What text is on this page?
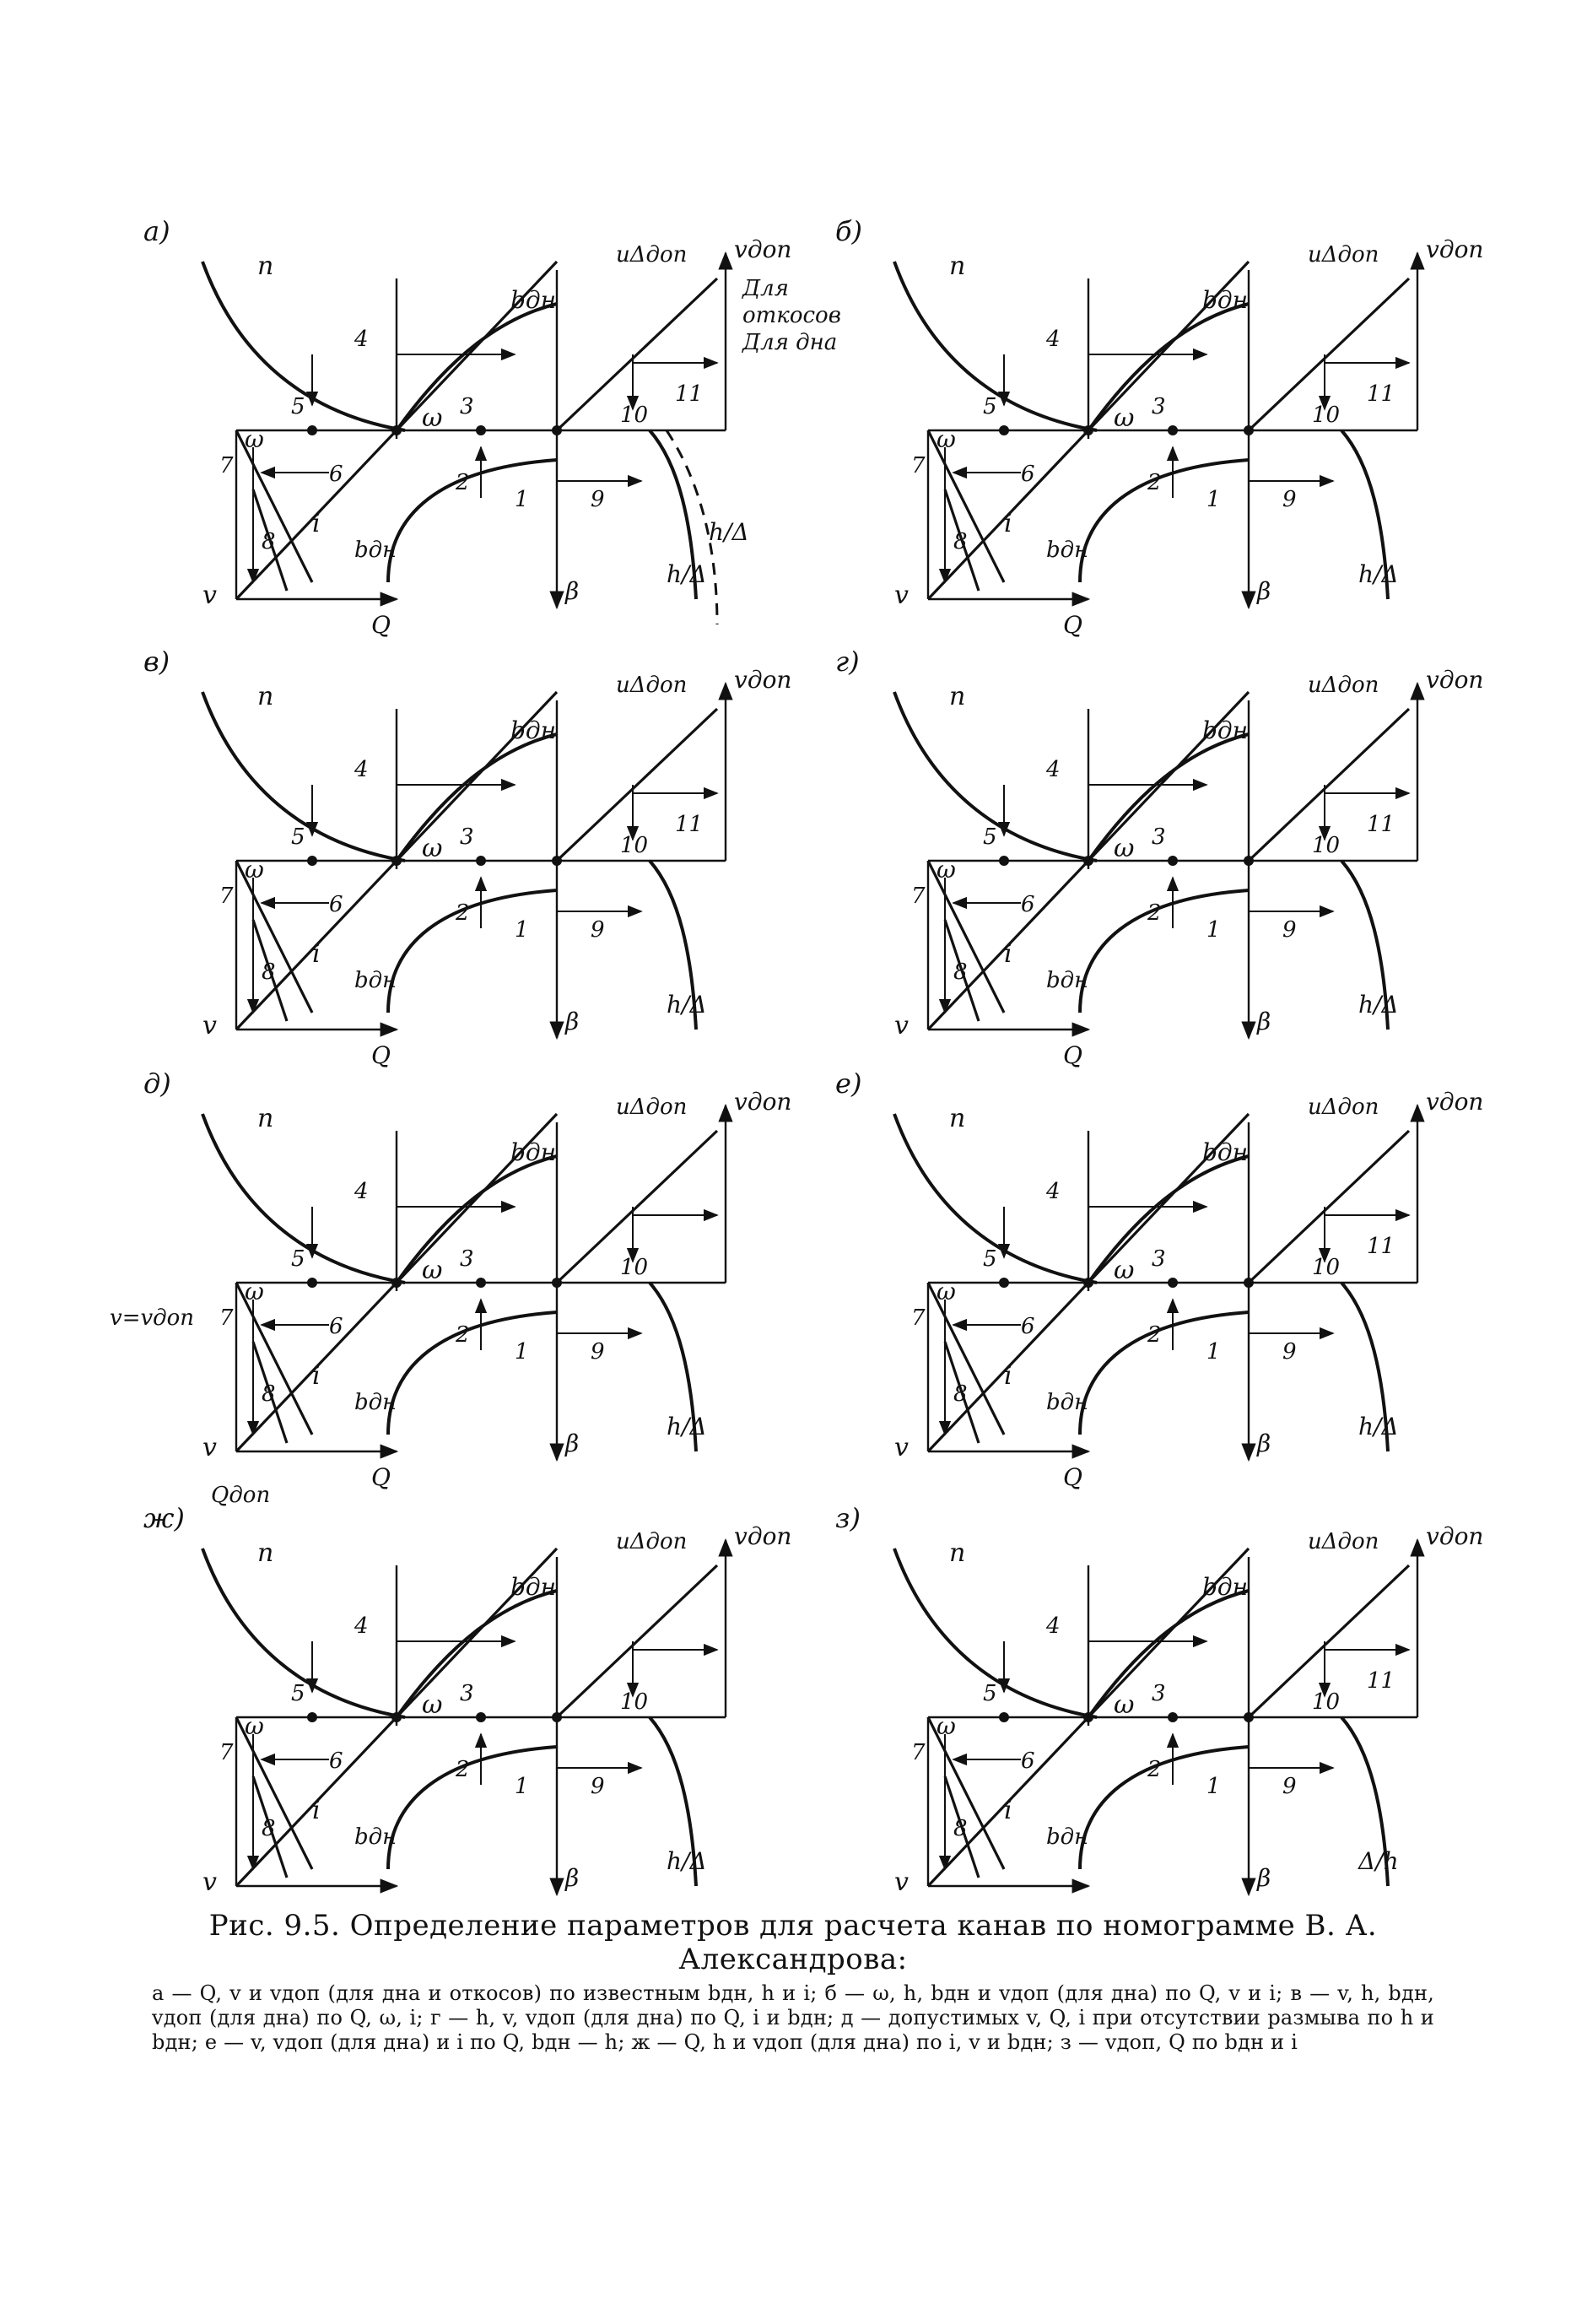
а)
1
2
3
4
5
6
7
8
9
10
11
n
bдн
uΔдоп vдоп
ω
ω
i
v
Q
β
bдн
h/Δ
h/Δ
Для
откосов
Для дна
б)
1
2
3
4
5
6
7
8
9
10
11
n
bдн
uΔдоп vдоп
ω
ω
i
v
Q
β
bдн
h/Δ
в)
1
2
3
4
5
6
7
8
9
10
11
n
bдн
uΔдоп vдоп
ω
ω
i
v
Q
β
bдн
h/Δ
г)
1
2
3
4
5
6
7
8
9
10
11
n
bдн
uΔдоп vдоп
ω
ω
i
v
Q
β
bдн
h/Δ
д)
1
2
3
4
5
6
7
8
9
10
n
bдн
uΔдоп vдоп
ω
ω
i
v
Q
β
bдн
h/Δ
v=vдоп
Qдоп
е)
1
2
3
4
5
6
7
8
9
10
11
n
bдн
uΔдоп vдоп
ω
ω
i
v
Q
β
bдн
h/Δ
ж)
1
2
3
4
5
6
7
8
9
10
n
bдн
uΔдоп vдоп
ω
ω
i
v	β
bдн
h/Δ
з)
1
2
3
4
5
6
7
8
9
10
11
n
bдн
uΔдоп vдоп
ω
ω
i
v	β
bдн
Δ/h
Рис. 9.5. Определение параметров для расчета канав по номограмме В. А. Александрова:
а — Q, v и vдоп (для дна и откосов) по известным bдн, h и i; б — ω, h, bдн и vдоп (для дна) по Q, v и i; в — v, h, bдн, vдоп (для дна) по Q, ω, i; г — h, v, vдоп (для дна) по Q, i и bдн; д — допустимых v, Q, i при отсутствии размыва по h и bдн; е — v, vдоп (для дна) и i по Q, bдн — h; ж — Q, h и vдоп (для дна) по i, v и bдн; з — vдоп, Q по bдн и i
